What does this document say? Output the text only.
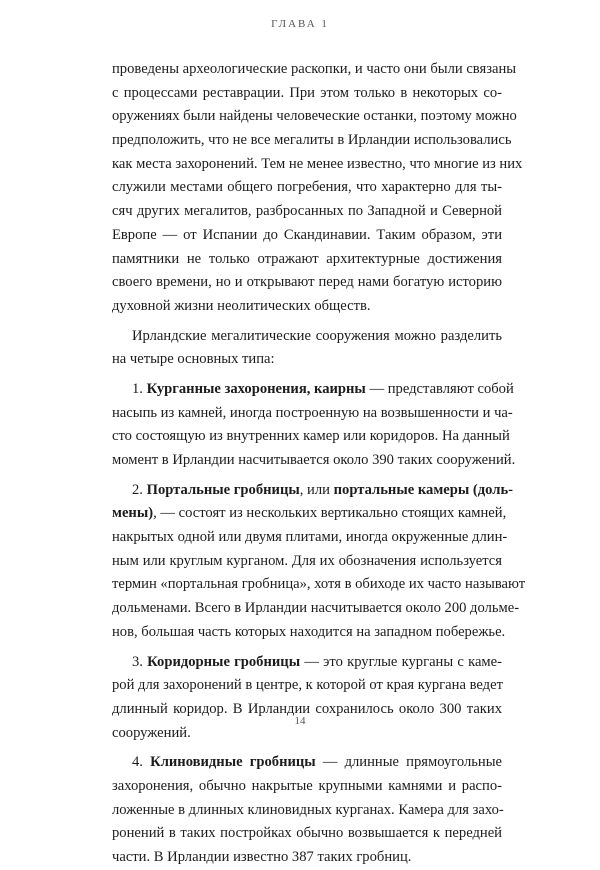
ГЛАВА 1
проведены археологические раскопки, и часто они были связаны
с процессами реставрации. При этом только в некоторых со-
оружениях были найдены человеческие останки, поэтому можно
предположить, что не все мегалиты в Ирландии использовались
как места захоронений. Тем не менее известно, что многие из них
служили местами общего погребения, что характерно для ты-
сяч других мегалитов, разбросанных по Западной и Северной
Европе — от Испании до Скандинавии. Таким образом, эти
памятники не только отражают архитектурные достижения
своего времени, но и открывают перед нами богатую историю
духовной жизни неолитических обществ.
Ирландские мегалитические сооружения можно разделить
на четыре основных типа:
1. Курганные захоронения, каирны — представляют собой
насыпь из камней, иногда построенную на возвышенности и ча-
сто состоящую из внутренних камер или коридоров. На данный
момент в Ирландии насчитывается около 390 таких сооружений.
2. Портальные гробницы, или портальные камеры (доль-
мены), — состоят из нескольких вертикально стоящих камней,
накрытых одной или двумя плитами, иногда окруженные длин-
ным или круглым курганом. Для их обозначения используется
термин «портальная гробница», хотя в обиходе их часто называют
дольменами. Всего в Ирландии насчитывается около 200 дольме-
нов, большая часть которых находится на западном побережье.
3. Коридорные гробницы — это круглые курганы с каме-
рой для захоронений в центре, к которой от края кургана ведет
длинный коридор. В Ирландии сохранилось около 300 таких
сооружений.
4. Клиновидные гробницы — длинные прямоугольные
захоронения, обычно накрытые крупными камнями и распо-
ложенные в длинных клиновидных курганах. Камера для захо-
ронений в таких постройках обычно возвышается к передней
части. В Ирландии известно 387 таких гробниц.
14
